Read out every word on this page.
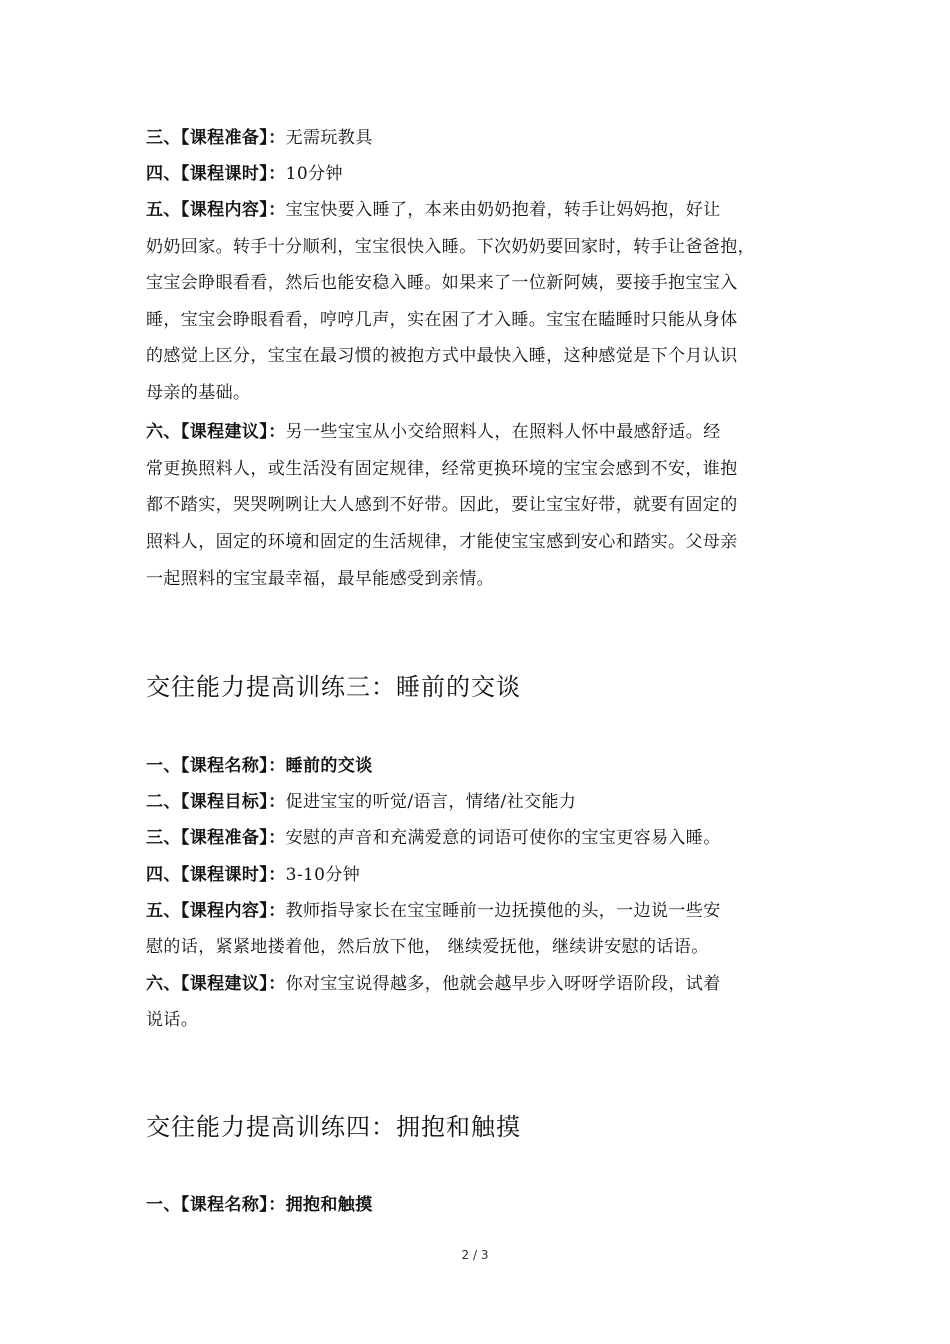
三、【课程准备】：无需玩教具
四、【课程课时】：10分钟
五、【课程内容】：宝宝快要入睡了，本来由奶奶抱着，转手让妈妈抱，好让
奶奶回家。转手十分顺利，宝宝很快入睡。下次奶奶要回家时，转手让爸爸抱，
宝宝会睁眼看看，然后也能安稳入睡。如果来了一位新阿姨，要接手抱宝宝入
睡，宝宝会睁眼看看，哼哼几声，实在困了才入睡。宝宝在瞌睡时只能从身体
的感觉上区分，宝宝在最习惯的被抱方式中最快入睡，这种感觉是下个月认识
母亲的基础。
六、【课程建议】：另一些宝宝从小交给照料人，在照料人怀中最感舒适。经
常更换照料人，或生活没有固定规律，经常更换环境的宝宝会感到不安，谁抱
都不踏实，哭哭咧咧让大人感到不好带。因此，要让宝宝好带，就要有固定的
照料人，固定的环境和固定的生活规律，才能使宝宝感到安心和踏实。父母亲
一起照料的宝宝最幸福，最早能感受到亲情。
交往能力提高训练三：睡前的交谈
一、【课程名称】：睡前的交谈
二、【课程目标】：促进宝宝的听觉/语言，情绪/社交能力
三、【课程准备】：安慰的声音和充满爱意的词语可使你的宝宝更容易入睡。
四、【课程课时】：3-10分钟
五、【课程内容】：教师指导家长在宝宝睡前一边抚摸他的头，一边说一些安
慰的话，紧紧地搂着他，然后放下他， 继续爱抚他，继续讲安慰的话语。
六、【课程建议】：你对宝宝说得越多，他就会越早步入呀呀学语阶段，试着
说话。
交往能力提高训练四：拥抱和触摸
一、【课程名称】：拥抱和触摸
2 / 3
